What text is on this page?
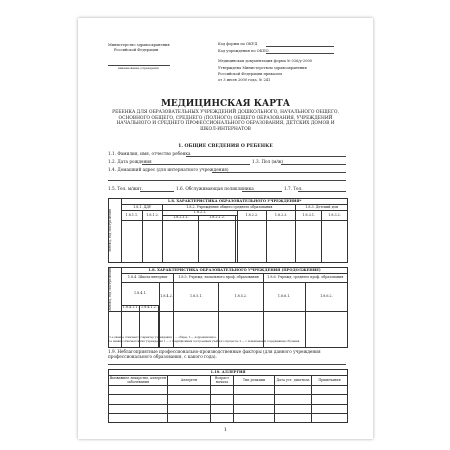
Министерство здравоохранения
Российской Федерации
наименование учреждения
Код формы по ОКУД
Код учреждения по ОКПО
Медицинская документация форма № 026/у-2000
Утверждена Министерством здравоохранения
Российской Федерации приказом
от 3 июля 2000 года, № 241
МЕДИЦИНСКАЯ КАРТА
РЕБЕНКА ДЛЯ ОБРАЗОВАТЕЛЬНЫХ УЧРЕЖДЕНИЙ ДОШКОЛЬНОГО, НАЧАЛЬНОГО ОБЩЕГО, ОСНОВНОГО ОБЩЕГО, СРЕДНЕГО (ПОЛНОГО) ОБЩЕГО ОБРАЗОВАНИЯ, УЧРЕЖДЕНИЙ НАЧАЛЬНОГО И СРЕДНЕГО ПРОФЕССИОНАЛЬНОГО ОБРАЗОВАНИЯ, ДЕТСКИХ ДОМОВ И ШКОЛ-ИНТЕРНАТОВ
1. ОБЩИЕ СВЕДЕНИЯ О РЕБЕНКЕ
1.1. Фамилия, имя, отчество ребенка
1.2. Дата рождения	1.3. Пол (м/ж)
1.4. Домашний адрес (для интернатного учреждения)
1.5. Тел. м/жит.	1.6. Обслуживающая поликлиника	1.7. Тел.
Месяц, год поступления	1.8. ХАРАКТЕРИСТИКА ОБРАЗОВАТЕЛЬНОГО УЧРЕЖДЕНИЯ*								
	1.8.1. ДДУ		1.8.2. Учреждение общего среднего образования					1.8.3. Детский дом	
	1.8.1.1.	1.8.1.2.	1.8.2.1.			1.8.2.2.	1.8.2.3.	1.8.3.1.	1.8.3.2.
			1.8.2.1.1.	1.8.2.1.2.					

Месяц, год поступления	1.8. ХАРАКТЕРИСТИКА ОБРАЗОВАТЕЛЬНОГО УЧРЕЖДЕНИЯ (ПРОДОЛЖЕНИЕ)						
	1.8.4. Школа-интернат			1.8.5. Учрежд. начального проф. образования		1.8.6. Учрежд. среднего проф. образования	
	1.8.4.1.		1.8.4.2.	1.8.5.1.	1.8.5.2.	1.8.6.1.	1.8.6.2.
	1.8.4.1.1.	1.8.4.1.2.					

*1-е знание отмечается характер учреждения 1 — общее, 2 — коррекционное.
2-е знание отмечается тип учреждения 1 — с традиционным построением учебного процесса, 2 — с повышенным содержанием обучения
1.9. Неблагоприятные профессионально-производственные факторы (для данного учреждения профессионального образования, с какого года).
1.10. АЛЛЕРГИЯ					
Вызвавшее лекарство, аллерген заболевания	Аллерген	Возраст начала	Тип реакции	Дата уст. диагноза	Примечания

1
